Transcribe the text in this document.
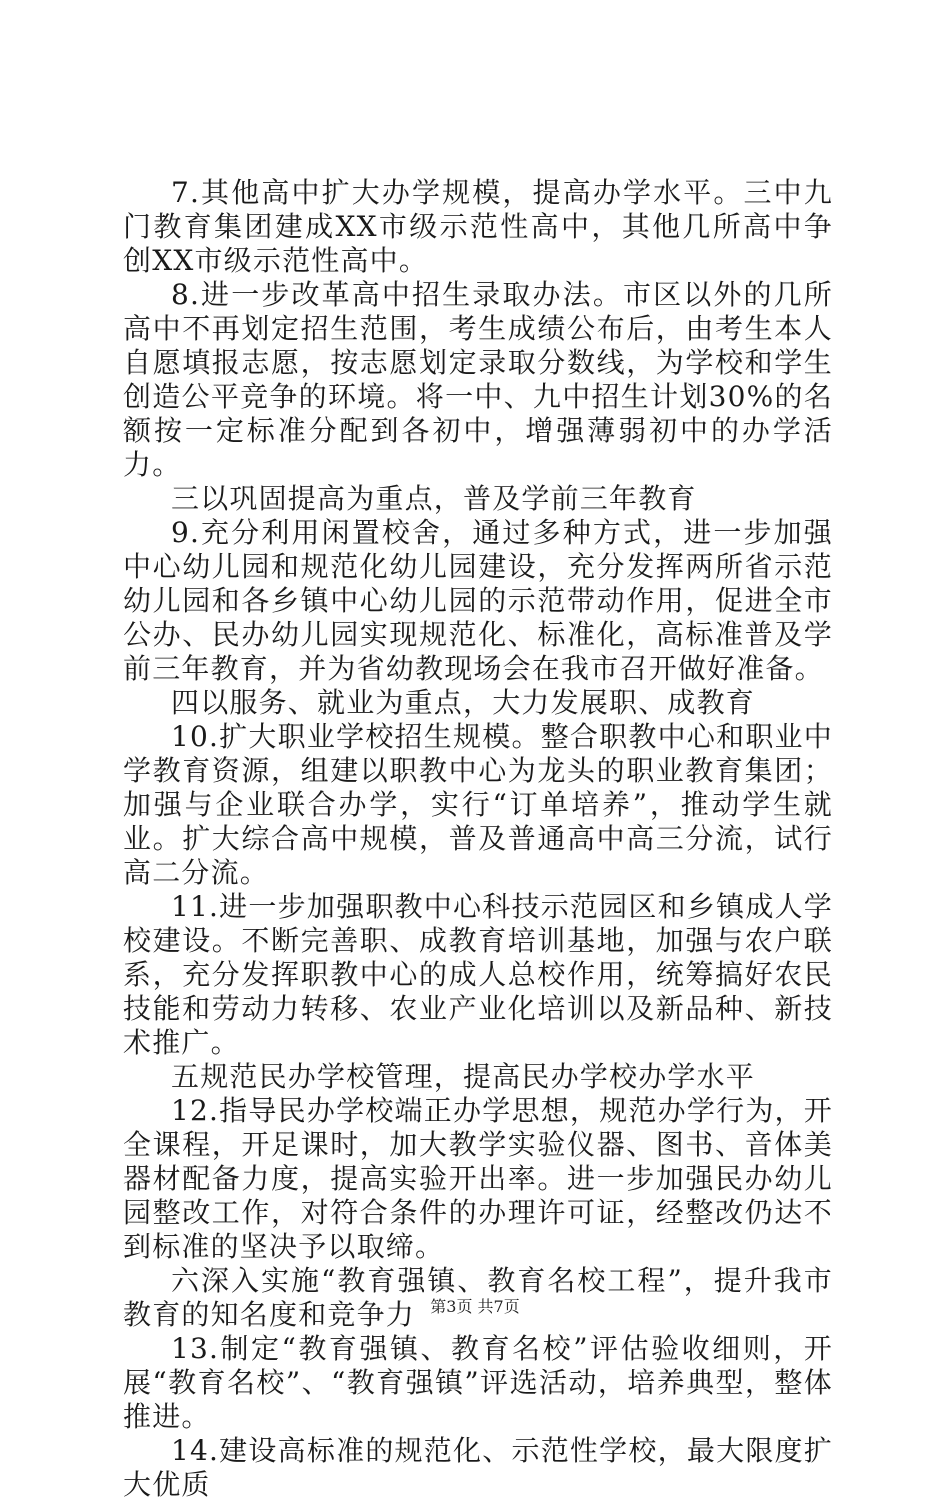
7.其他高中扩大办学规模，提高办学水平。三中九门教育集团建成XX市级示范性高中，其他几所高中争创XX市级示范性高中。

8.进一步改革高中招生录取办法。市区以外的几所高中不再划定招生范围，考生成绩公布后，由考生本人自愿填报志愿，按志愿划定录取分数线，为学校和学生创造公平竞争的环境。将一中、九中招生计划30%的名额按一定标准分配到各初中，增强薄弱初中的办学活力。

三以巩固提高为重点，普及学前三年教育

9.充分利用闲置校舍，通过多种方式，进一步加强中心幼儿园和规范化幼儿园建设，充分发挥两所省示范幼儿园和各乡镇中心幼儿园的示范带动作用，促进全市公办、民办幼儿园实现规范化、标准化，高标准普及学前三年教育，并为省幼教现场会在我市召开做好准备。

四以服务、就业为重点，大力发展职、成教育

10.扩大职业学校招生规模。整合职教中心和职业中学教育资源，组建以职教中心为龙头的职业教育集团；加强与企业联合办学，实行“订单培养”，推动学生就业。扩大综合高中规模，普及普通高中高三分流，试行高二分流。

11.进一步加强职教中心科技示范园区和乡镇成人学校建设。不断完善职、成教育培训基地，加强与农户联系，充分发挥职教中心的成人总校作用，统筹搞好农民技能和劳动力转移、农业产业化培训以及新品种、新技术推广。

五规范民办学校管理，提高民办学校办学水平

12.指导民办学校端正办学思想，规范办学行为，开全课程，开足课时，加大教学实验仪器、图书、音体美器材配备力度，提高实验开出率。进一步加强民办幼儿园整改工作，对符合条件的办理许可证，经整改仍达不到标准的坚决予以取缔。

六深入实施“教育强镇、教育名校工程”，提升我市教育的知名度和竞争力

13.制定“教育强镇、教育名校”评估验收细则，开展“教育名校”、“教育强镇”评选活动，培养典型，整体推进。

14.建设高标准的规范化、示范性学校，最大限度扩大优质

第3页 共7页
